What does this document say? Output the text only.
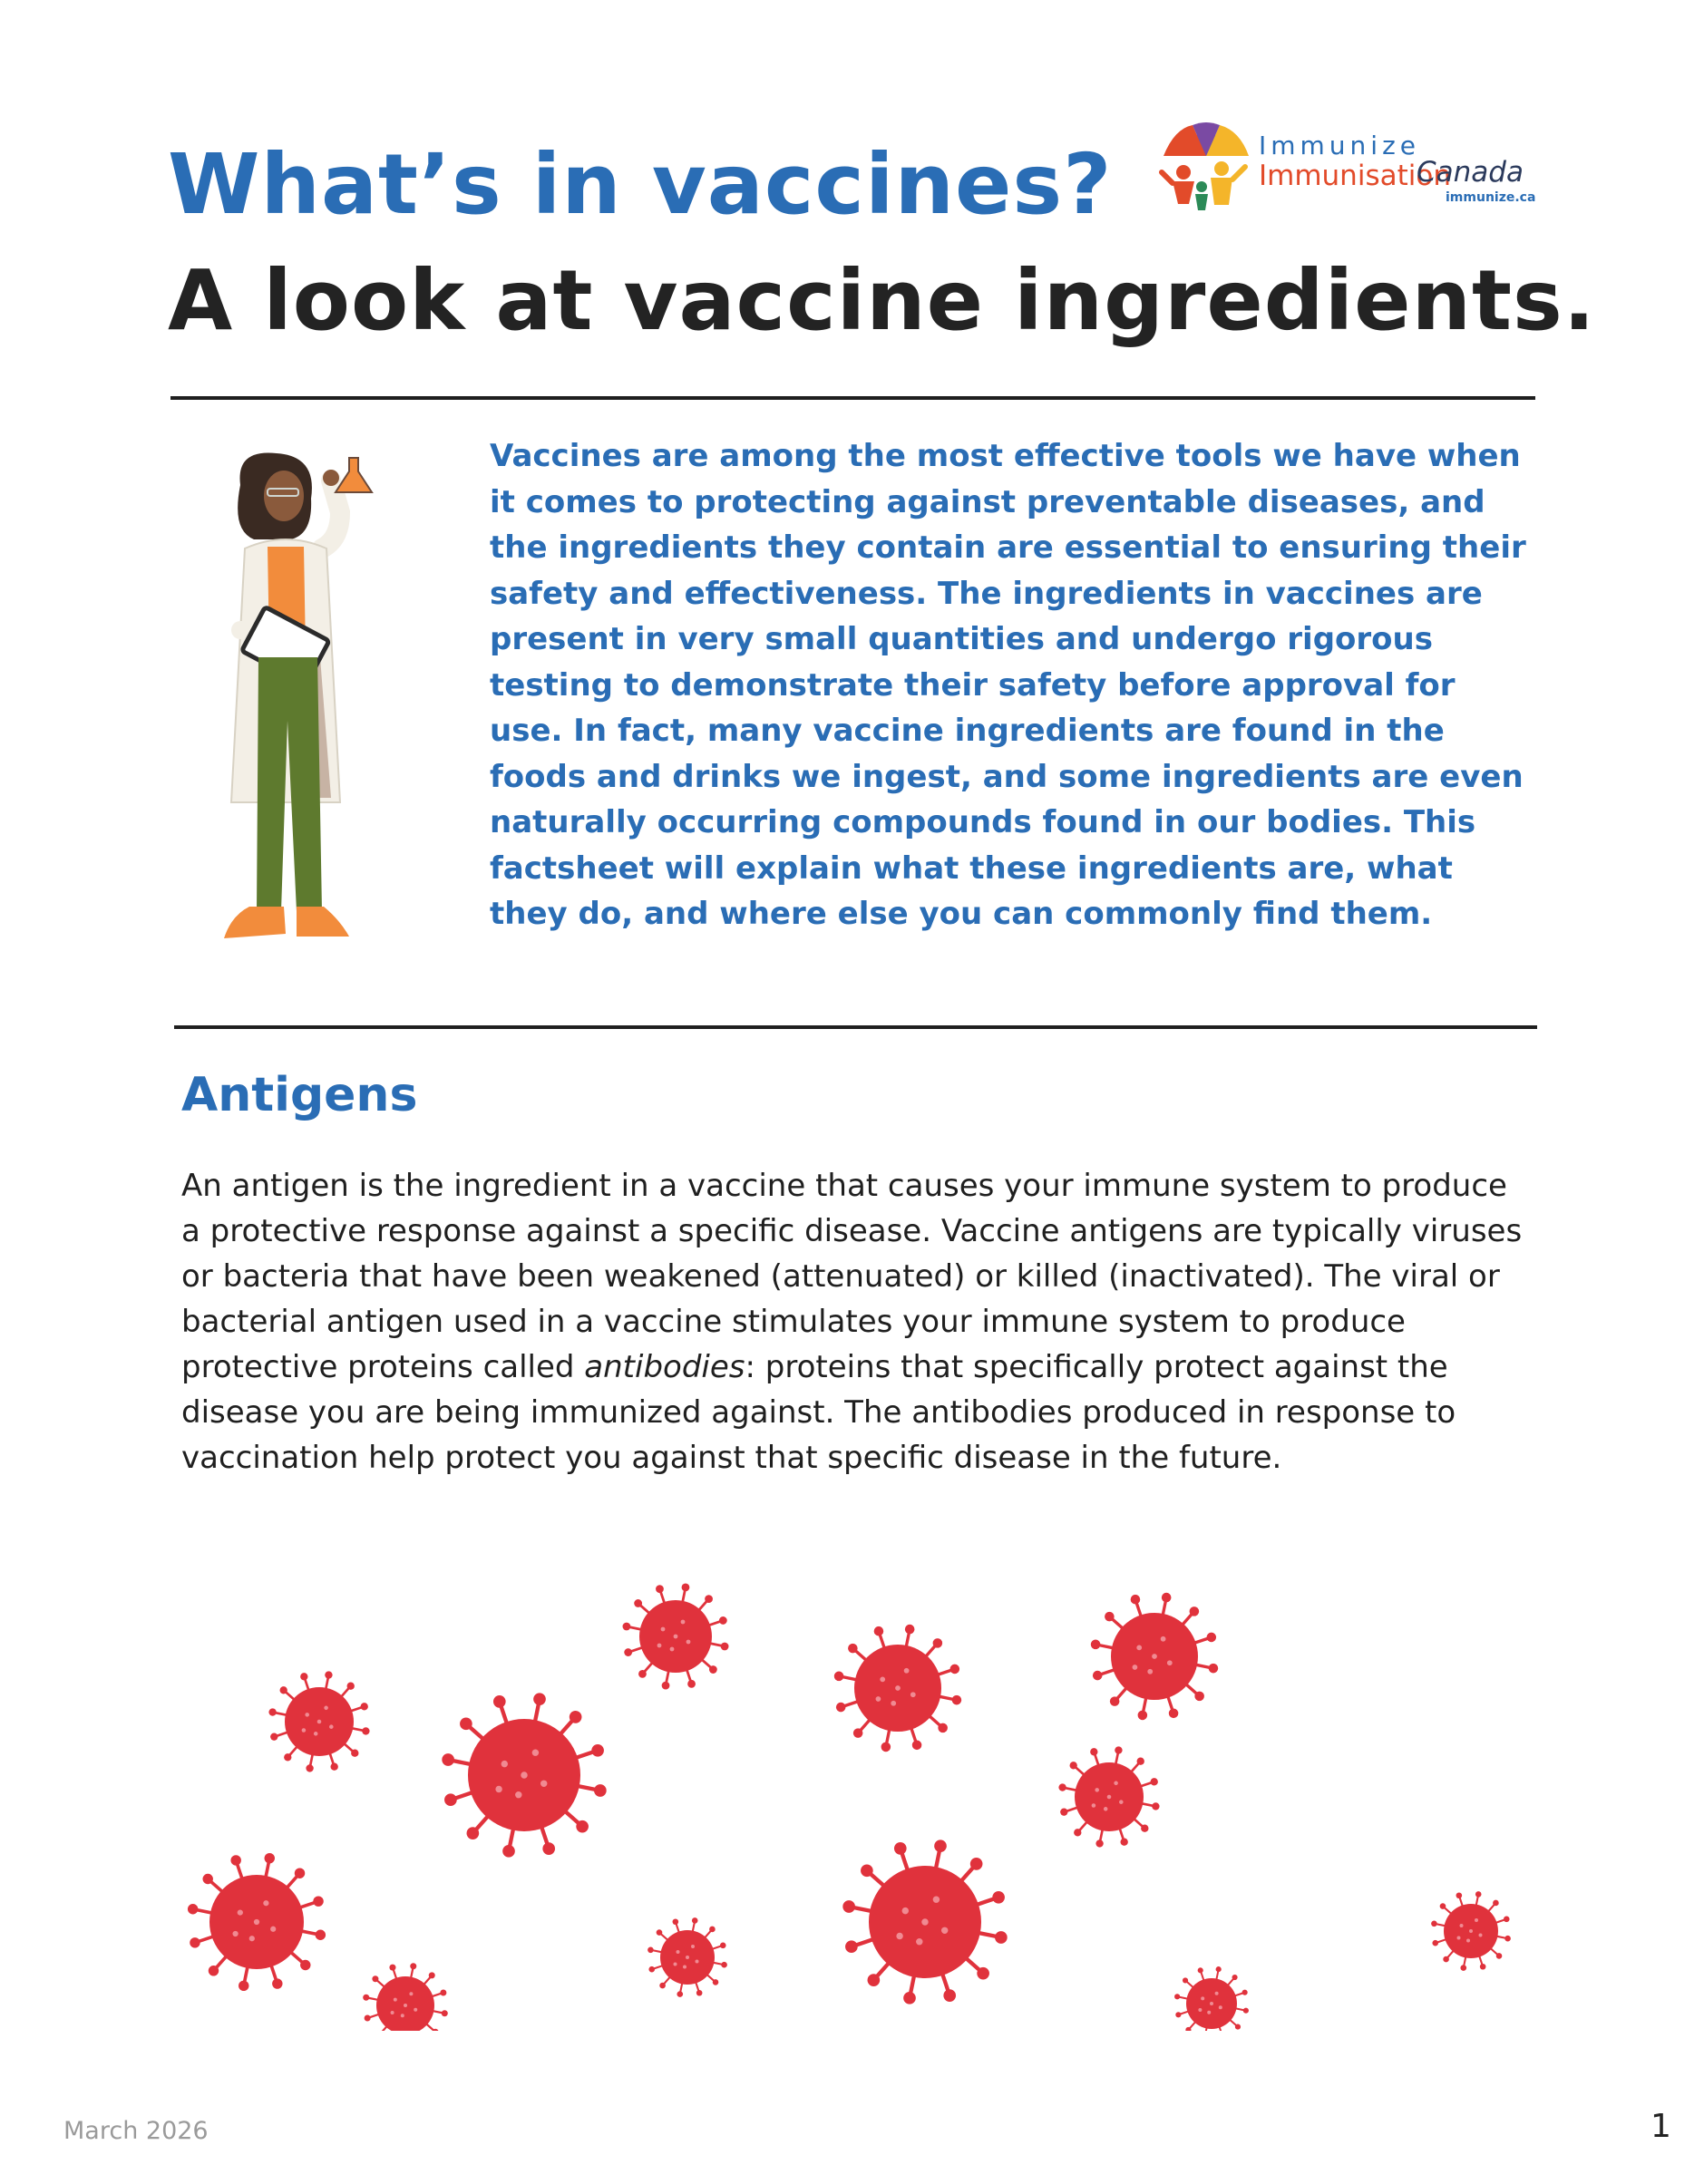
What’s in vaccines?
A look at vaccine ingredients.
Immunize
Immunisation
Canada
immunize.ca
Vaccines are among the most effective tools we have when it comes to protecting against preventable diseases, and the ingredients they contain are essential to ensuring their safety and effectiveness. The ingredients in vaccines are present in very small quantities and undergo rigorous testing to demonstrate their safety before approval for use. In fact, many vaccine ingredients are found in the foods and drinks we ingest, and some ingredients are even naturally occurring compounds found in our bodies. This factsheet will explain what these ingredients are, what they do, and where else you can commonly find them.
Antigens
An antigen is the ingredient in a vaccine that causes your immune system to produce a protective response against a specific disease. Vaccine antigens are typically viruses or bacteria that have been weakened (attenuated) or killed (inactivated). The viral or bacterial antigen used in a vaccine stimulates your immune system to produce protective proteins called antibodies: proteins that specifically protect against the disease you are being immunized against. The antibodies produced in response to vaccination help protect you against that specific disease in the future.
March 2026	1
